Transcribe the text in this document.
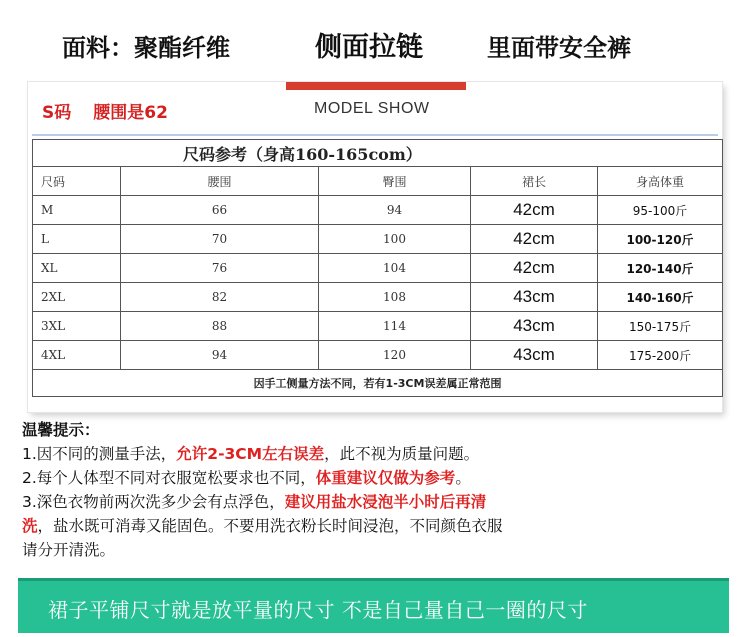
面料：聚酯纤维	侧面拉链	里面带安全裤
S码 腰围是62	MODEL SHOW
尺码参考（身高160-165com）				
尺码	腰围	臀围	裙长	身高体重
M	66	94	42cm	95-100斤
L	70	100	42cm	100-120斤
XL	76	104	42cm	120-140斤
2XL	82	108	43cm	140-160斤
3XL	88	114	43cm	150-175斤
4XL	94	120	43cm	175-200斤
因手工侧量方法不同，若有1-3CM误差属正常范围				

温馨提示：

1.因不同的测量手法，允许2-3CM左右误差，此不视为质量问题。

2.每个人体型不同对衣服宽松要求也不同，体重建议仅做为参考。

3.深色衣物前两次洗多少会有点浮色，建议用盐水浸泡半小时后再清

洗，盐水既可消毒又能固色。不要用洗衣粉长时间浸泡，不同颜色衣服

请分开清洗。

裙子平铺尺寸就是放平量的尺寸 不是自己量自己一圈的尺寸
